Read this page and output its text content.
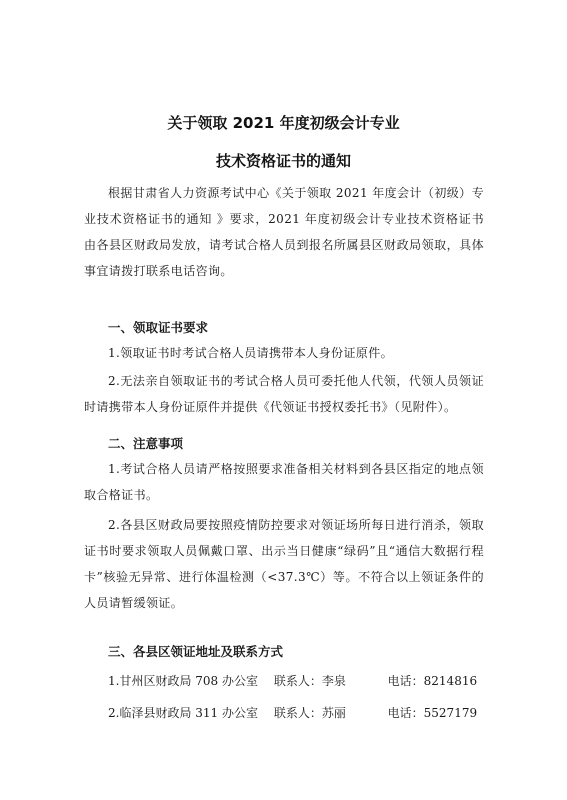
关于领取 2021 年度初级会计专业
技术资格证书的通知
根据甘肃省人力资源考试中心《关于领取 2021 年度会计（初级）专业技术资格证书的通知 》要求，2021 年度初级会计专业技术资格证书由各县区财政局发放，请考试合格人员到报名所属县区财政局领取，具体事宜请拨打联系电话咨询。
一、领取证书要求
1.领取证书时考试合格人员请携带本人身份证原件。
2.无法亲自领取证书的考试合格人员可委托他人代领，代领人员领证时请携带本人身份证原件并提供《代领证书授权委托书》（见附件）。
二、注意事项
1.考试合格人员请严格按照要求准备相关材料到各县区指定的地点领取合格证书。
2.各县区财政局要按照疫情防控要求对领证场所每日进行消杀，领取证书时要求领取人员佩戴口罩、出示当日健康“绿码”且“通信大数据行程卡”核验无异常、进行体温检测（<37.3℃）等。不符合以上领证条件的人员请暂缓领证。
三、各县区领证地址及联系方式
1.甘州区财政局 708 办公室 联系人：李泉	电话：8214816
2.临泽县财政局 311 办公室 联系人：苏丽	电话：5527179
